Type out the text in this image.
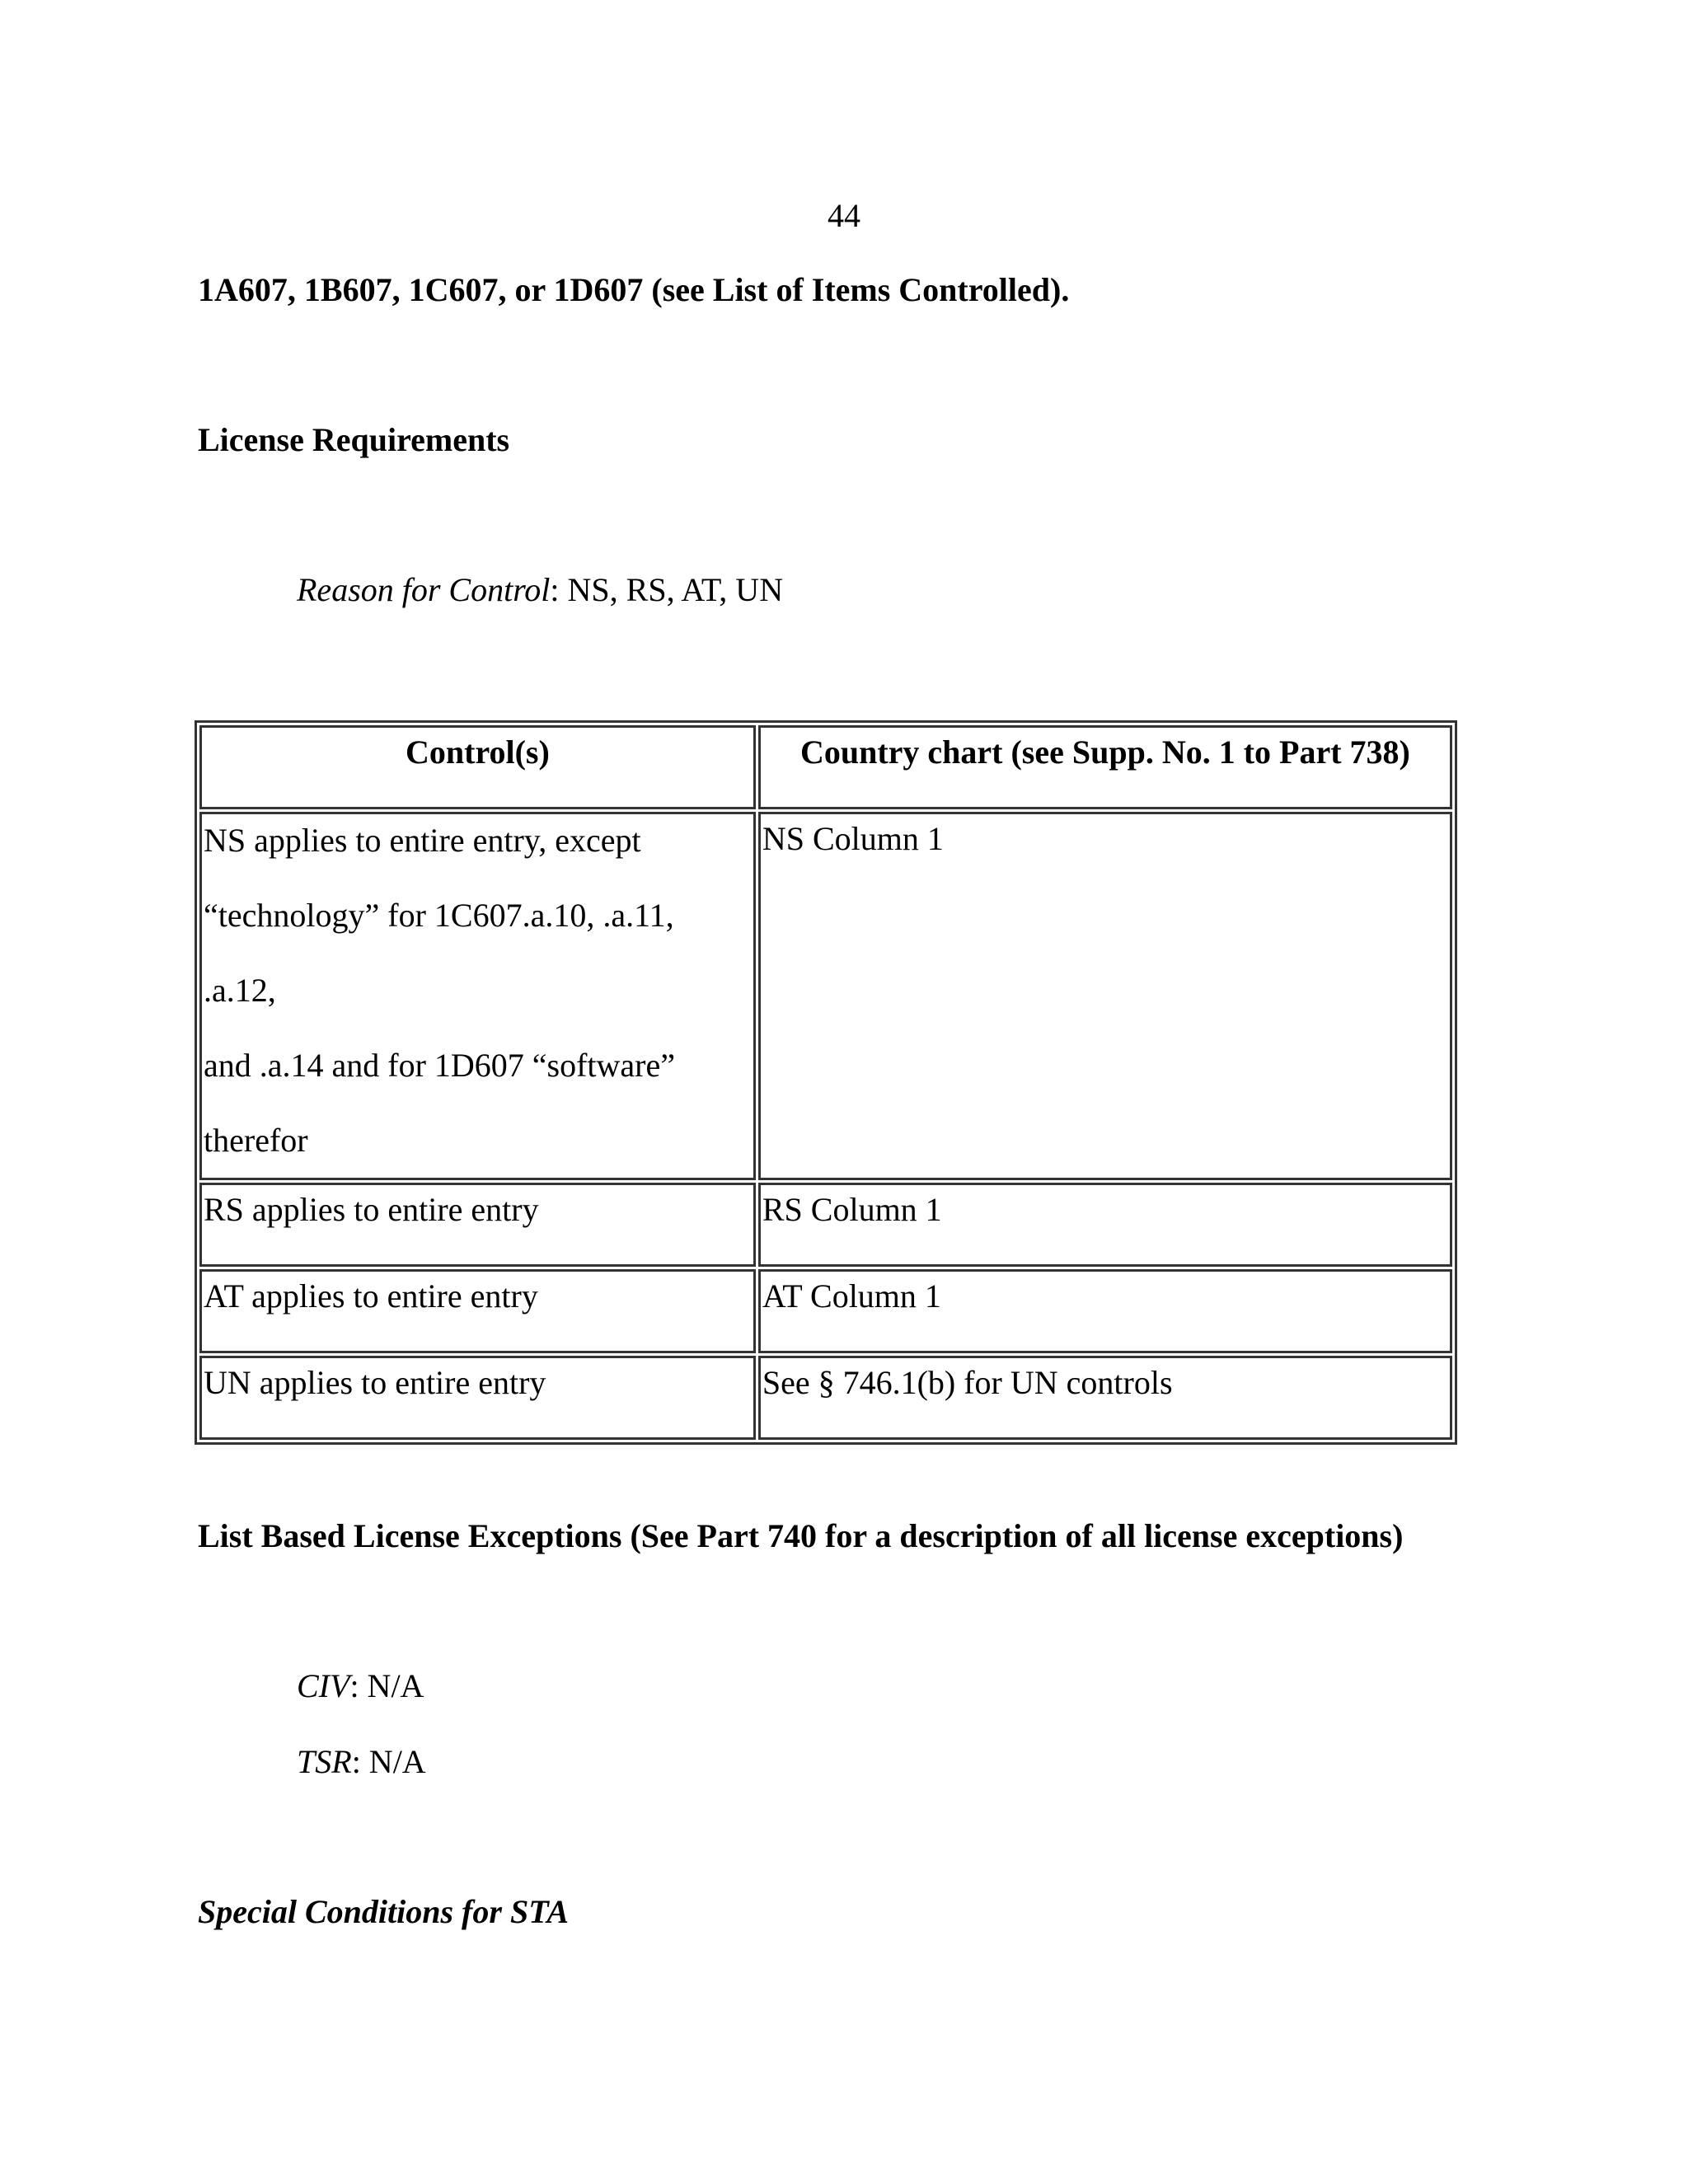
44
1A607, 1B607, 1C607, or 1D607 (see List of Items Controlled).
License Requirements
Reason for Control: NS, RS, AT, UN
Control(s)	Country chart (see Supp. No. 1 to Part 738)

NS applies to entire entry, except
“technology” for 1C607.a.10, .a.11, .a.12,
and .a.14 and for 1D607 “software”
therefor	NS Column 1
RS applies to entire entry	RS Column 1
AT applies to entire entry	AT Column 1
UN applies to entire entry	See § 746.1(b) for UN controls
List Based License Exceptions (See Part 740 for a description of all license exceptions)
CIV: N/A
TSR: N/A
Special Conditions for STA
